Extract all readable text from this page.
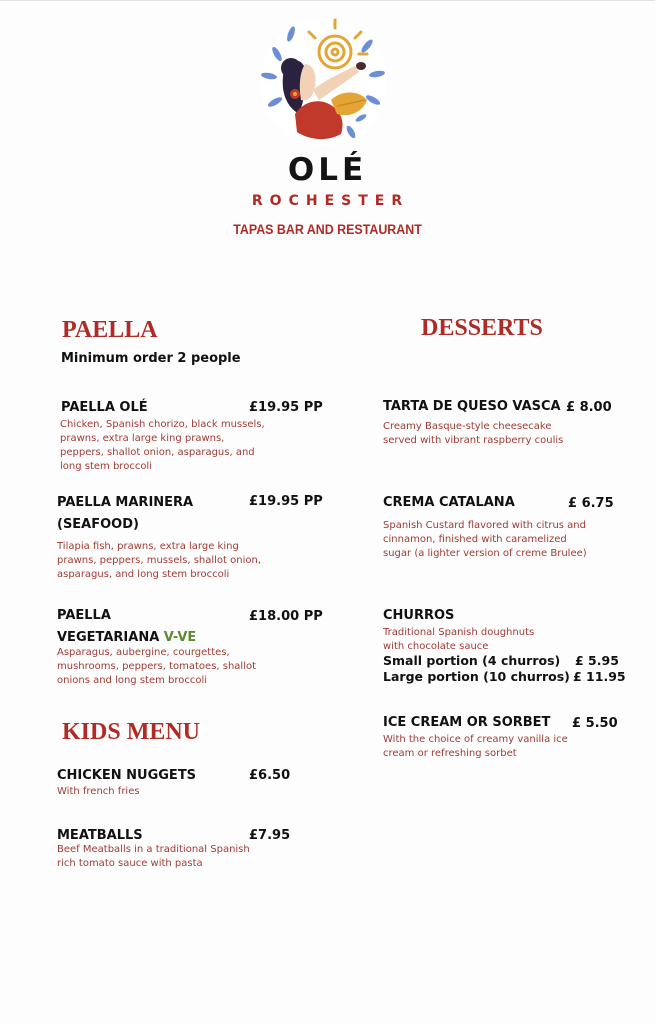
OLÉ
ROCHESTER
TAPAS BAR AND RESTAURANT
PAELLA
Minimum order 2 people
PAELLA OLÉ	£19.95 PP
Chicken, Spanish chorizo, black mussels, prawns, extra large king prawns, peppers, shallot onion, asparagus, and long stem broccoli
PAELLA MARINERA
(SEAFOOD)
£19.95 PP
Tilapia fish, prawns, extra large king prawns, peppers, mussels, shallot onion, asparagus, and long stem broccoli
PAELLA
VEGETARIANA V-VE
£18.00 PP
Asparagus, aubergine, courgettes, mushrooms, peppers, tomatoes, shallot onions and long stem broccoli
KIDS MENU
CHICKEN NUGGETS	£6.50
With french fries
MEATBALLS	£7.95
Beef Meatballs in a traditional Spanish rich tomato sauce with pasta
DESSERTS
TARTA DE QUESO VASCA £ 8.00
Creamy Basque-style cheesecake served with vibrant raspberry coulis
CREMA CATALANA	£ 6.75
Spanish Custard flavored with citrus and cinnamon, finished with caramelized sugar (a lighter version of creme Brulee)
CHURROS
Traditional Spanish doughnuts with chocolate sauce
Small portion (4 churros) £ 5.95
Large portion (10 churros) £ 11.95
ICE CREAM OR SORBET £ 5.50
With the choice of creamy vanilla ice cream or refreshing sorbet
